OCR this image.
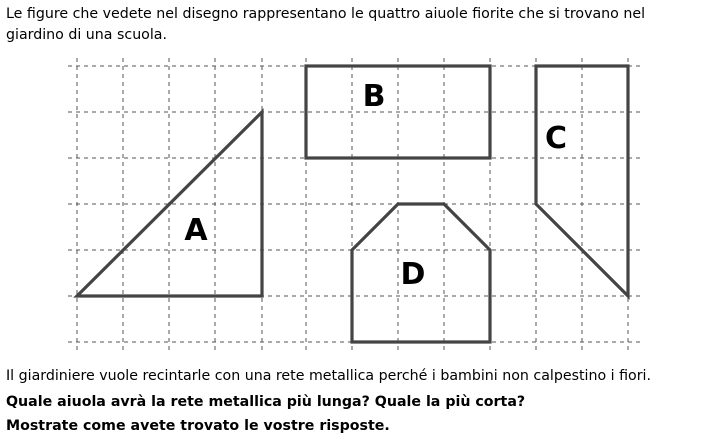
Le figure che vedete nel disegno rappresentano le quattro aiuole fiorite che si trovano nel
giardino di una scuola.
A
B
C
D
Il giardiniere vuole recintarle con una rete metallica perché i bambini non calpestino i fiori.
Quale aiuola avrà la rete metallica più lunga? Quale la più corta?
Mostrate come avete trovato le vostre risposte.
